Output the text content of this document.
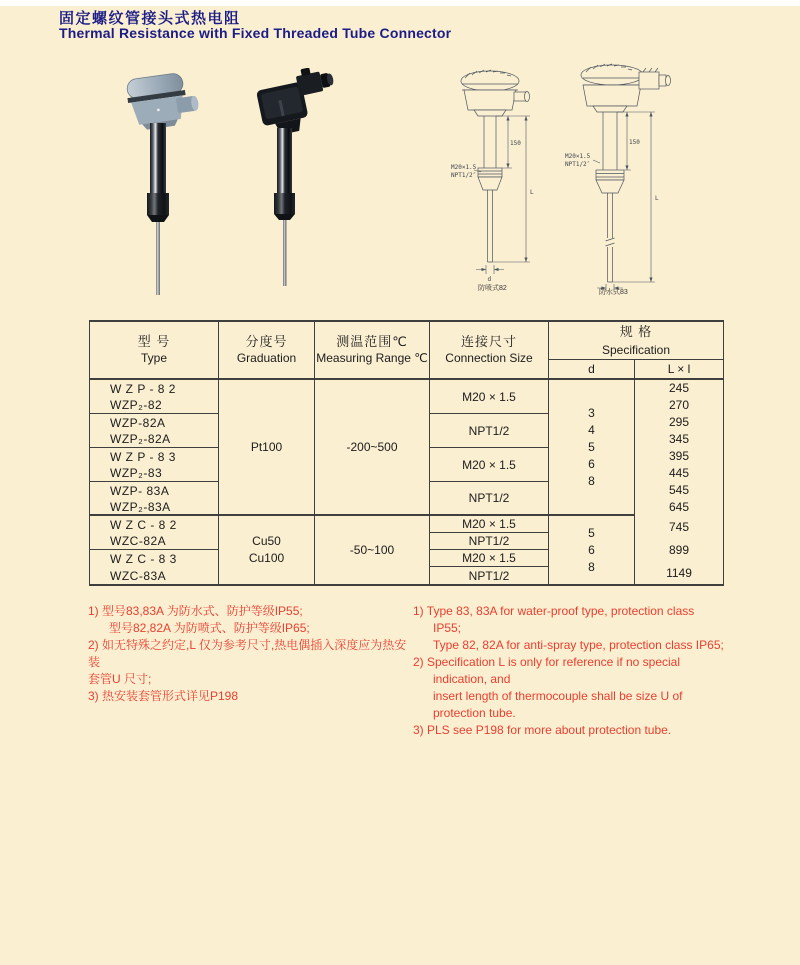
固定螺纹管接头式热电阻
Thermal Resistance with Fixed Threaded Tube Connector
150
L
d
M20×1.5
NPT1/2″
防喷式82
150
L
M20×1.5
NPT1/2″
防水式83
型 号
Type
分度号
Graduation
测温范围℃
Measuring Range ℃
连接尺寸
Connection Size
规 格
Specification
d	L × l
W Z P - 8 2
WZP₂-82
WZP-82A
WZP₂-82A
W Z P - 8 3
WZP₂-83
WZP- 83A
WZP₂-83A
W Z C - 8 2
WZC-82A
W Z C - 8 3
WZC-83A
Pt100
Cu50
Cu100
-200~500
-50~100
M20 × 1.5
NPT1/2
M20 × 1.5
NPT1/2
M20 × 1.5
NPT1/2
M20 × 1.5
NPT1/2
3
4
5
6
8
5
6
8
245
270
295
345
395
445
545
645
745
899
1149
1) 型号83,83A 为防水式、防护等级IP55;
型号82,82A 为防喷式、防护等级IP65;
2) 如无特殊之约定,L 仅为参考尺寸,热电偶插入深度应为热安装
套管U 尺寸;
3) 热安装套管形式详见P198
1) Type 83, 83A for water-proof type, protection class IP55;
Type 82, 82A for anti-spray type, protection class IP65;
2) Specification L is only for reference if no special indication, and
insert length of thermocouple shall be size U of protection tube.
3) PLS see P198 for more about protection tube.
